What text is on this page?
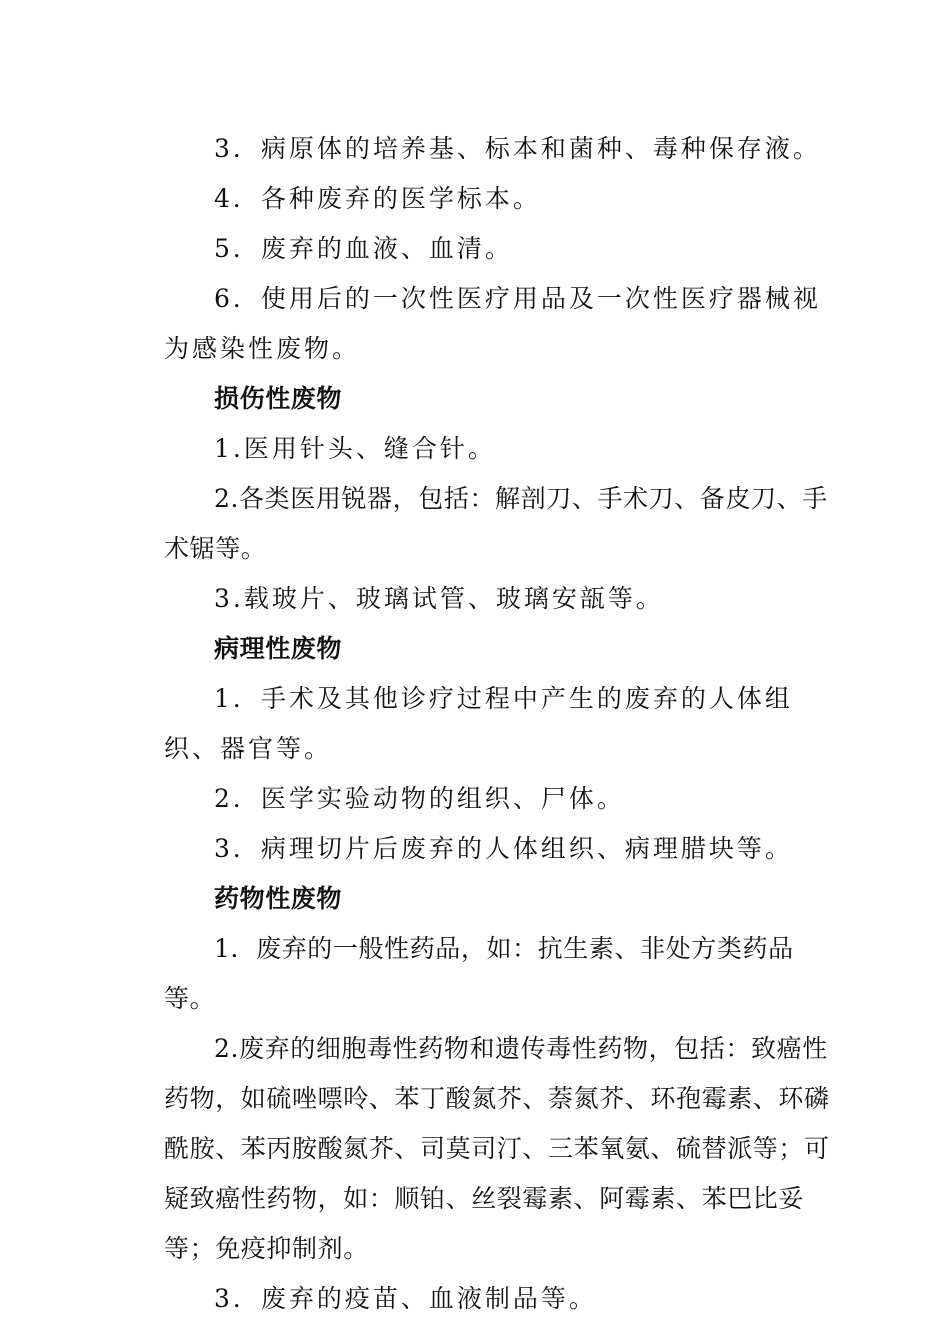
3．病原体的培养基、标本和菌种、毒种保存液。

4．各种废弃的医学标本。

5．废弃的血液、血清。

6．使用后的一次性医疗用品及一次性医疗器械视为感染性废物。

损伤性废物

1.医用针头、缝合针。

2.各类医用锐器，包括：解剖刀、手术刀、备皮刀、手术锯等。

3.载玻片、玻璃试管、玻璃安瓿等。

病理性废物

1．手术及其他诊疗过程中产生的废弃的人体组织、器官等。

2．医学实验动物的组织、尸体。

3．病理切片后废弃的人体组织、病理腊块等。

药物性废物

1．废弃的一般性药品，如：抗生素、非处方类药品等。

2.废弃的细胞毒性药物和遗传毒性药物，包括：致癌性药物，如硫唑嘌呤、苯丁酸氮芥、萘氮芥、环孢霉素、环磷酰胺、苯丙胺酸氮芥、司莫司汀、三苯氧氨、硫替派等；可疑致癌性药物，如：顺铂、丝裂霉素、阿霉素、苯巴比妥等；免疫抑制剂。

3．废弃的疫苗、血液制品等。
